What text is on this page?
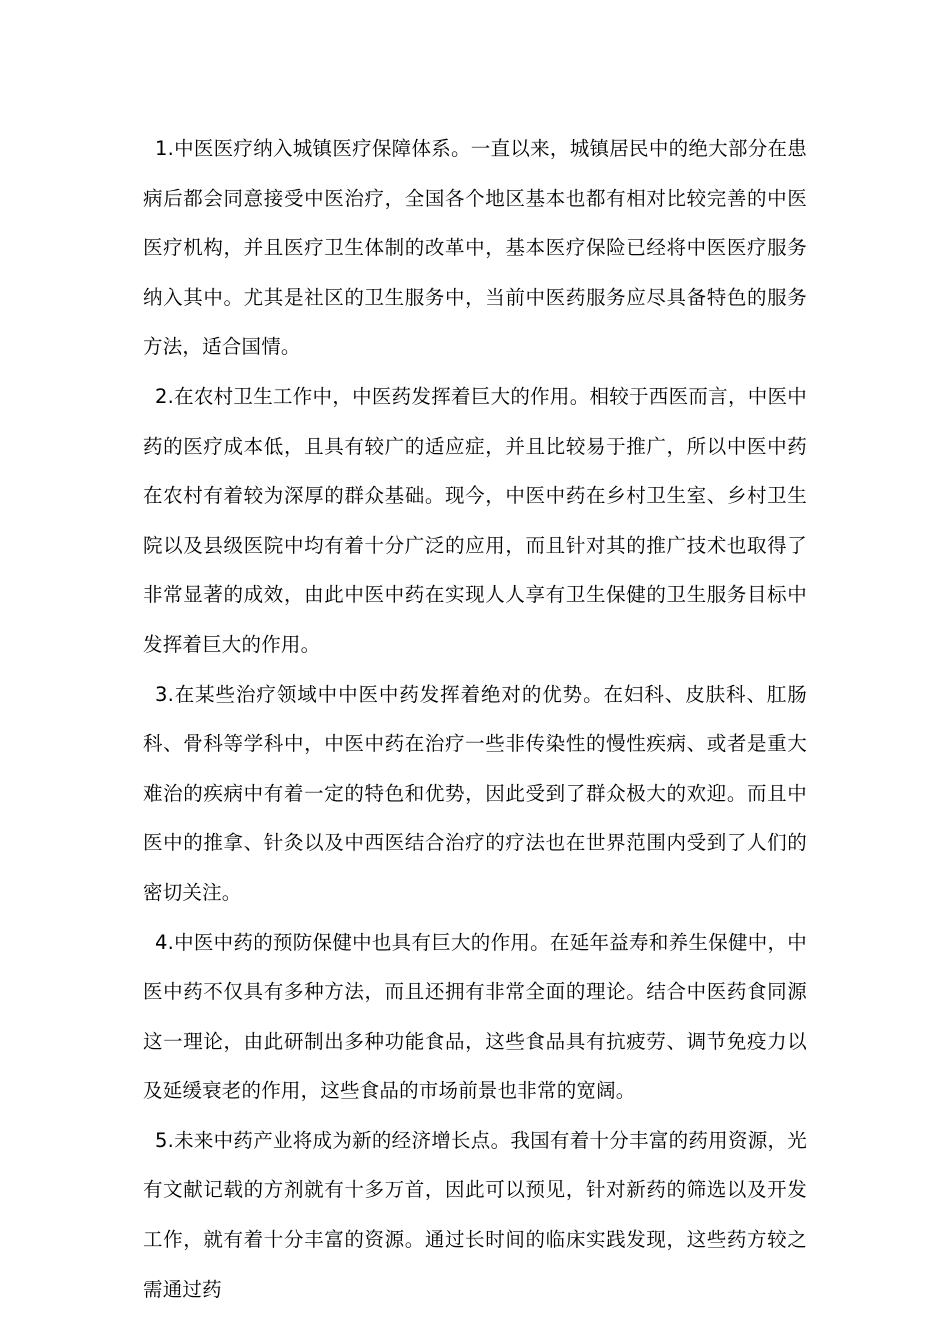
1.中医医疗纳入城镇医疗保障体系。一直以来，城镇居民中的绝大部分在患病后都会同意接受中医治疗，全国各个地区基本也都有相对比较完善的中医医疗机构，并且医疗卫生体制的改革中，基本医疗保险已经将中医医疗服务纳入其中。尤其是社区的卫生服务中，当前中医药服务应尽具备特色的服务方法，适合国情。

2.在农村卫生工作中，中医药发挥着巨大的作用。相较于西医而言，中医中药的医疗成本低，且具有较广的适应症，并且比较易于推广，所以中医中药在农村有着较为深厚的群众基础。现今，中医中药在乡村卫生室、乡村卫生院以及县级医院中均有着十分广泛的应用，而且针对其的推广技术也取得了非常显著的成效，由此中医中药在实现人人享有卫生保健的卫生服务目标中发挥着巨大的作用。

3.在某些治疗领域中中医中药发挥着绝对的优势。在妇科、皮肤科、肛肠科、骨科等学科中，中医中药在治疗一些非传染性的慢性疾病、或者是重大难治的疾病中有着一定的特色和优势，因此受到了群众极大的欢迎。而且中医中的推拿、针灸以及中西医结合治疗的疗法也在世界范围内受到了人们的密切关注。

4.中医中药的预防保健中也具有巨大的作用。在延年益寿和养生保健中，中医中药不仅具有多种方法，而且还拥有非常全面的理论。结合中医药食同源这一理论，由此研制出多种功能食品，这些食品具有抗疲劳、调节免疫力以及延缓衰老的作用，这些食品的市场前景也非常的宽阔。

5.未来中药产业将成为新的经济增长点。我国有着十分丰富的药用资源，光有文献记载的方剂就有十多万首，因此可以预见，针对新药的筛选以及开发工作，就有着十分丰富的资源。通过长时间的临床实践发现，这些药方较之需通过药
